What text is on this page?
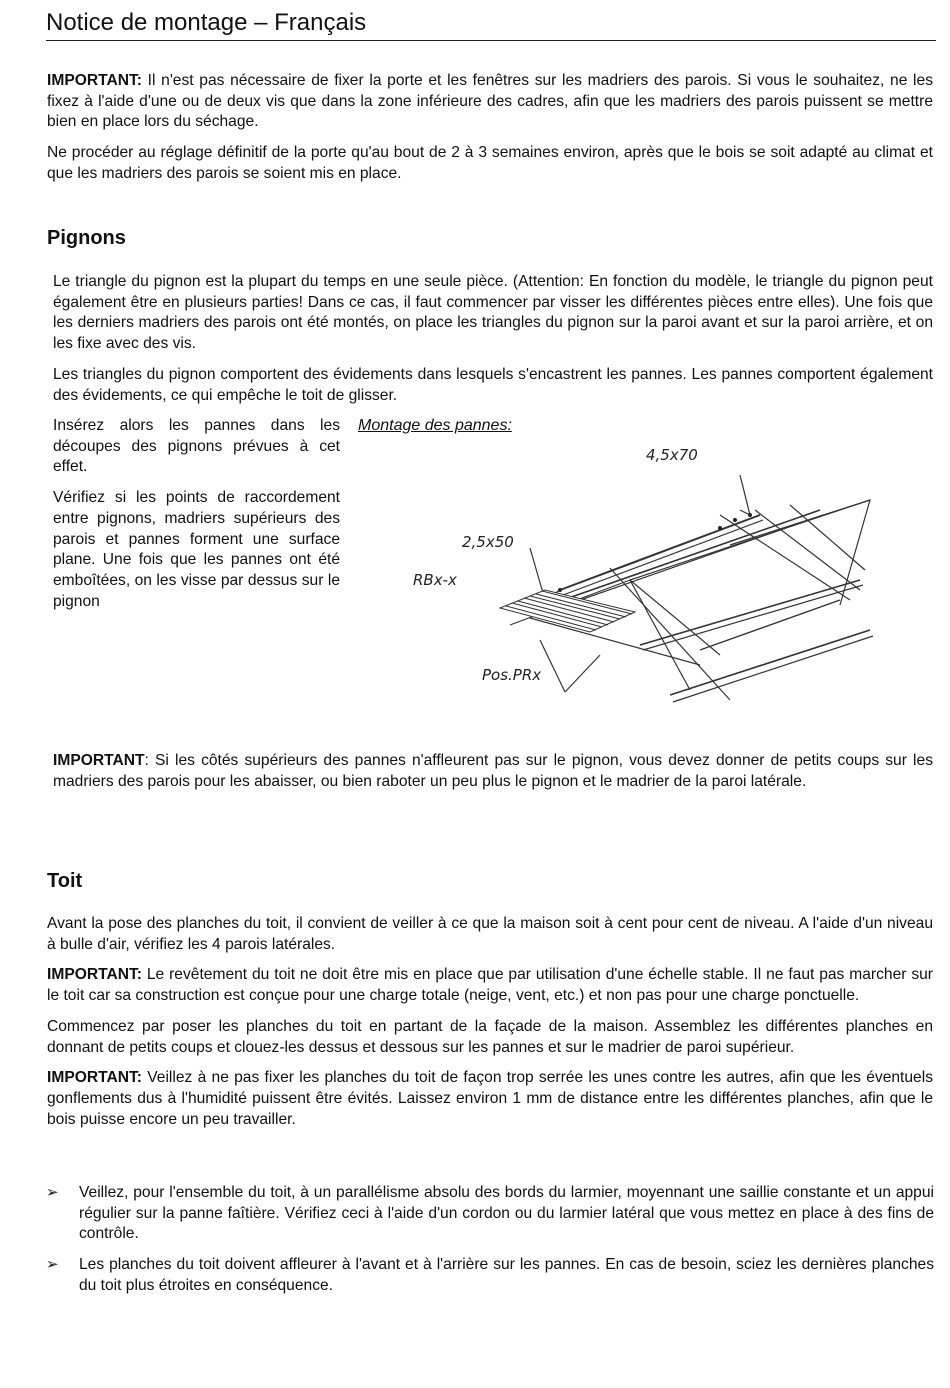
Notice de montage – Français

IMPORTANT: Il n'est pas nécessaire de fixer la porte et les fenêtres sur les madriers des parois. Si vous le souhaitez, ne les fixez à l'aide d'une ou de deux vis que dans la zone inférieure des cadres, afin que les madriers des parois puissent se mettre bien en place lors du séchage.

Ne procéder au réglage définitif de la porte qu'au bout de 2 à 3 semaines environ, après que le bois se soit adapté au climat et que les madriers des parois se soient mis en place.

Pignons

Le triangle du pignon est la plupart du temps en une seule pièce. (Attention: En fonction du modèle, le triangle du pignon peut également être en plusieurs parties! Dans ce cas, il faut commencer par visser les différentes pièces entre elles). Une fois que les derniers madriers des parois ont été montés, on place les triangles du pignon sur la paroi avant et sur la paroi arrière, et on les fixe avec des vis.

Les triangles du pignon comportent des évidements dans lesquels s'encastrent les pannes. Les pannes comportent également des évidements, ce qui empêche le toit de glisser.

Insérez alors les pannes dans les découpes des pignons prévues à cet effet.

Vérifiez si les points de raccordement entre pignons, madriers supérieurs des parois et pannes forment une surface plane. Une fois que les pannes ont été emboîtées, on les visse par dessus sur le pignon

Montage des pannes:
4,5x70
2,5x50
RBx-x
Pos.PRx

IMPORTANT: Si les côtés supérieurs des pannes n'affleurent pas sur le pignon, vous devez donner de petits coups sur les madriers des parois pour les abaisser, ou bien raboter un peu plus le pignon et le madrier de la paroi latérale.

Toit

Avant la pose des planches du toit, il convient de veiller à ce que la maison soit à cent pour cent de niveau. A l'aide d'un niveau à bulle d'air, vérifiez les 4 parois latérales.

IMPORTANT: Le revêtement du toit ne doit être mis en place que par utilisation d'une échelle stable. Il ne faut pas marcher sur le toit car sa construction est conçue pour une charge totale (neige, vent, etc.) et non pas pour une charge ponctuelle.

Commencez par poser les planches du toit en partant de la façade de la maison. Assemblez les différentes planches en donnant de petits coups et clouez-les dessus et dessous sur les pannes et sur le madrier de paroi supérieur.

IMPORTANT: Veillez à ne pas fixer les planches du toit de façon trop serrée les unes contre les autres, afin que les éventuels gonflements dus à l'humidité puissent être évités. Laissez environ 1 mm de distance entre les différentes planches, afin que le bois puisse encore un peu travailler.

➢ Veillez, pour l'ensemble du toit, à un parallélisme absolu des bords du larmier, moyennant une saillie constante et un appui régulier sur la panne faîtière. Vérifiez ceci à l'aide d'un cordon ou du larmier latéral que vous mettez en place à des fins de contrôle.

➢ Les planches du toit doivent affleurer à l'avant et à l'arrière sur les pannes. En cas de besoin, sciez les dernières planches du toit plus étroites en conséquence.
